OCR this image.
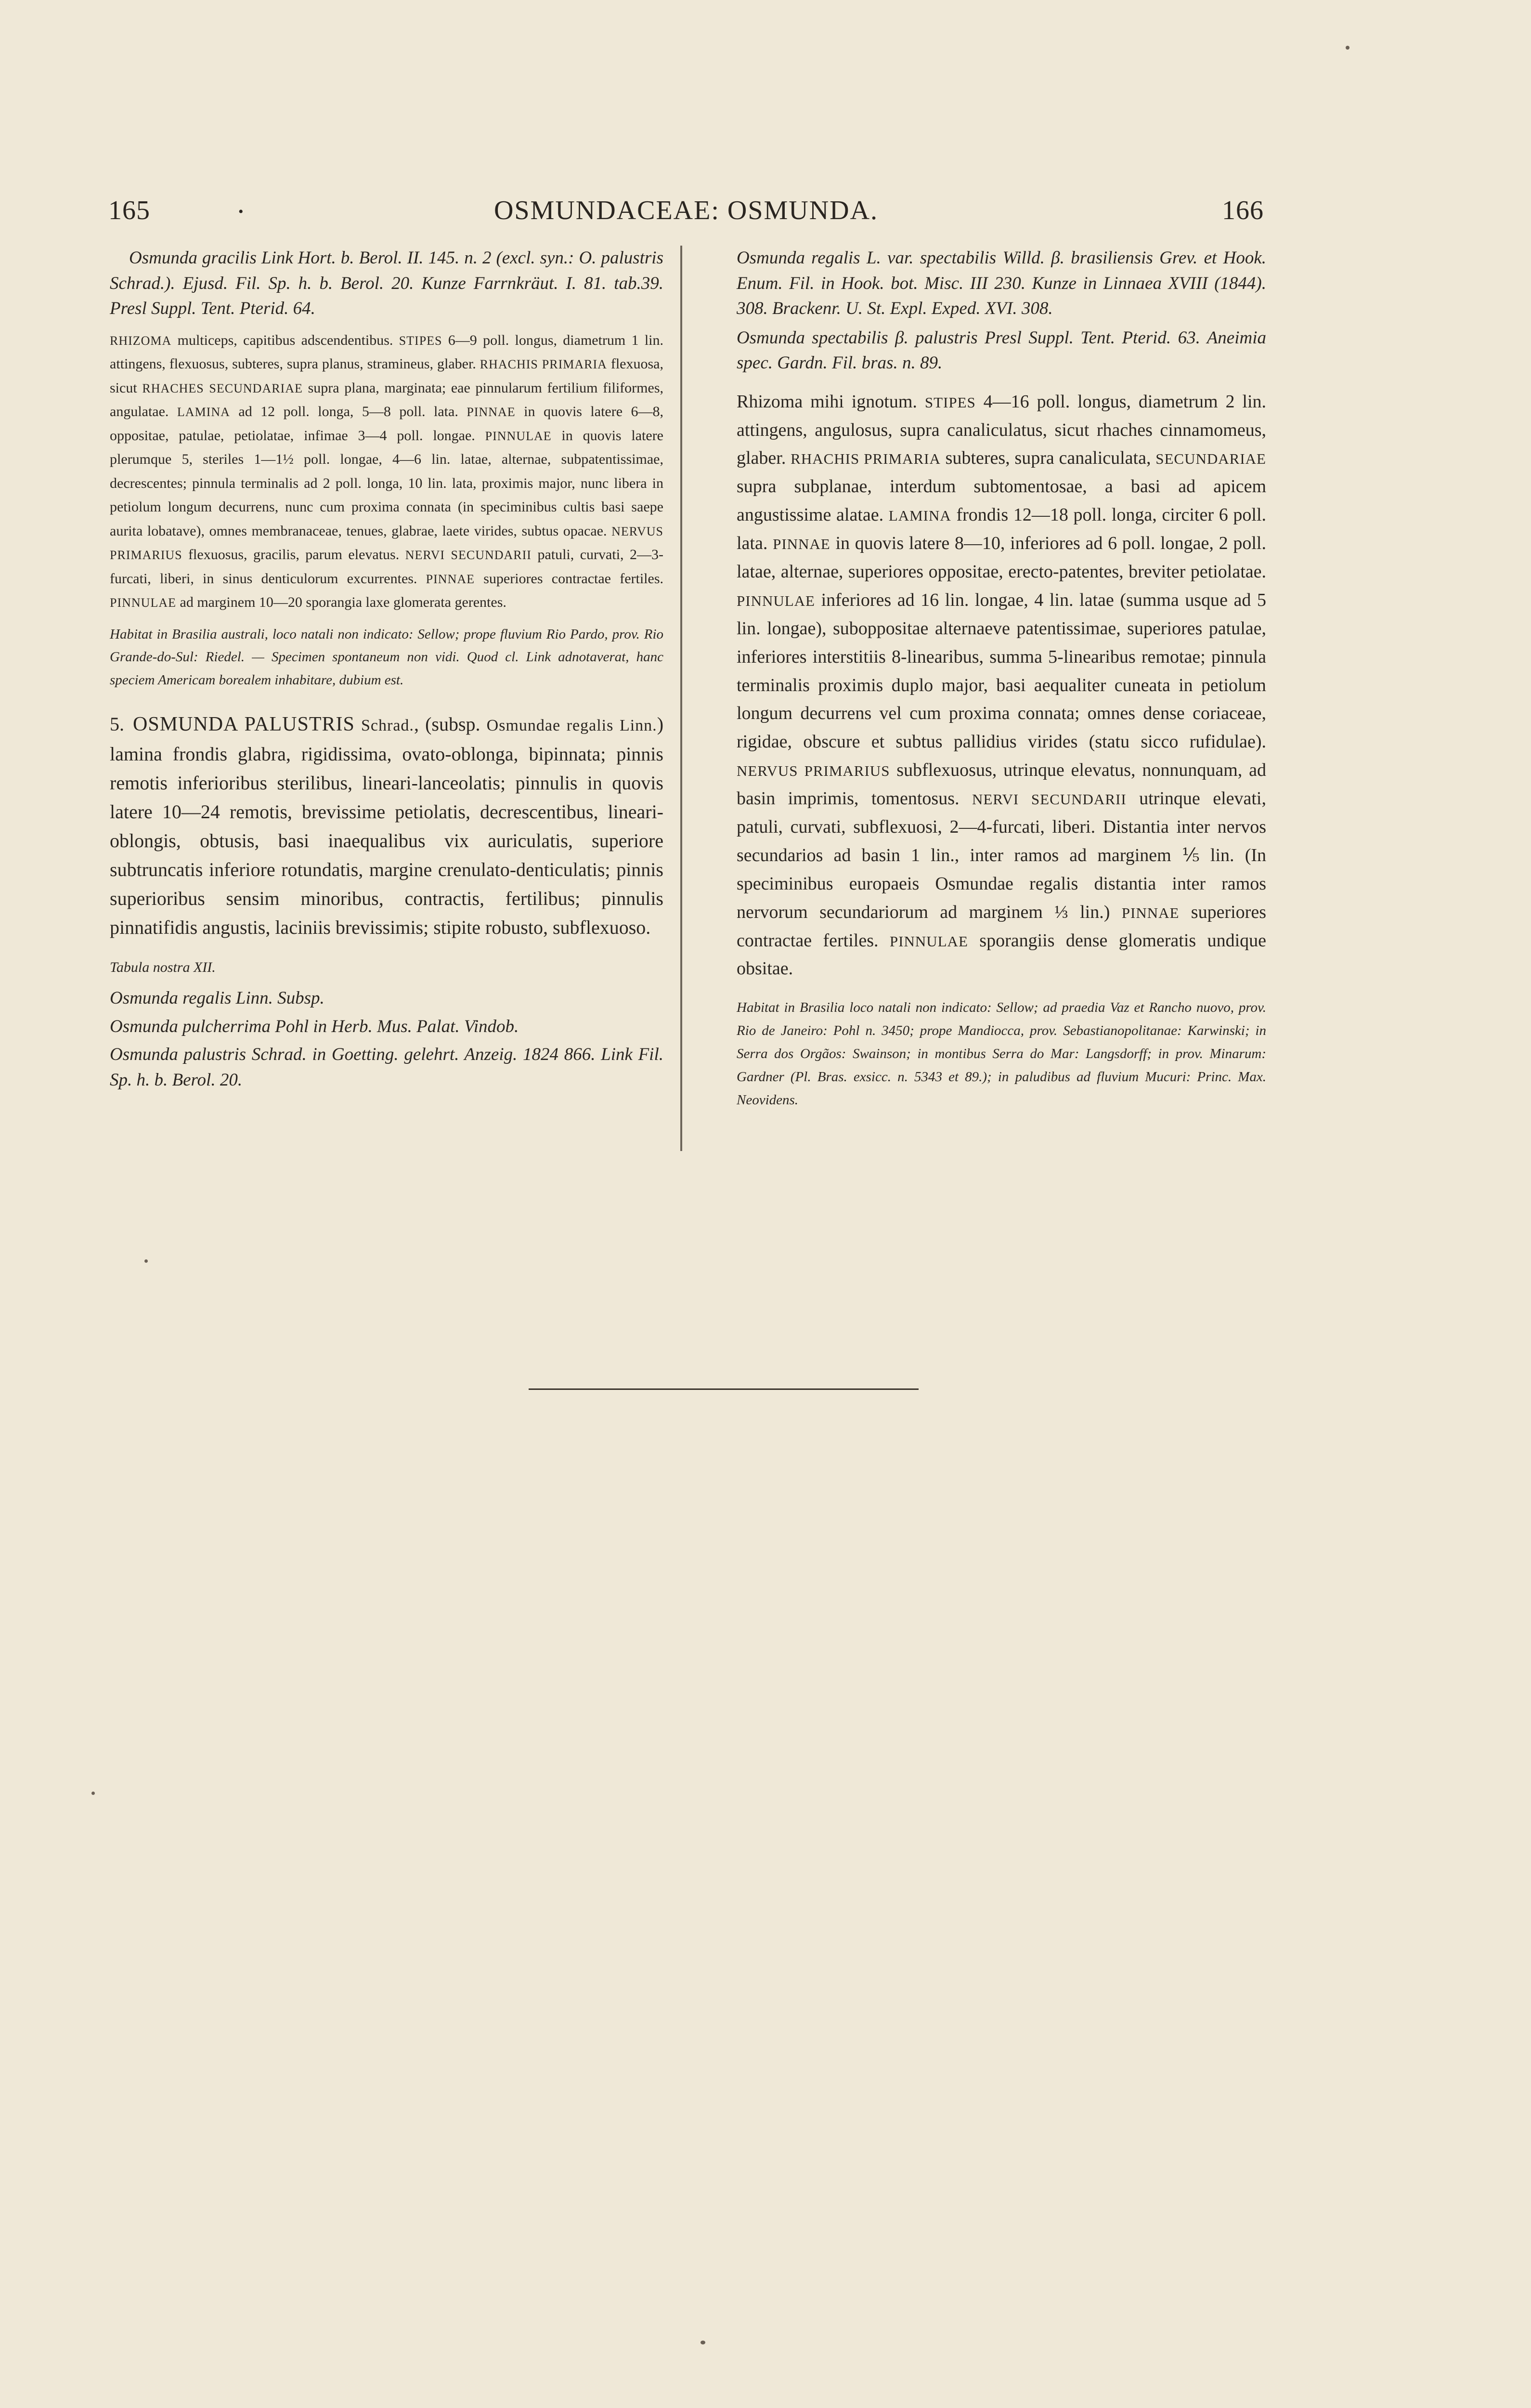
165	•	OSMUNDACEAE: OSMUNDA.	166

Osmunda gracilis Link Hort. b. Berol. II. 145. n. 2 (excl. syn.: O. palustris Schrad.). Ejusd. Fil. Sp. h. b. Berol. 20. Kunze Farrnkräut. I. 81. tab.39. Presl Suppl. Tent. Pterid. 64.

RHIZOMA multiceps, capitibus adscendentibus. STIPES 6—9 poll. longus, diametrum 1 lin. attingens, flexuosus, subteres, supra planus, stramineus, glaber. RHACHIS PRIMARIA flexuosa, sicut RHACHES SECUNDARIAE supra plana, marginata; eae pinnularum fertilium filiformes, angulatae. LAMINA ad 12 poll. longa, 5—8 poll. lata. PINNAE in quovis latere 6—8, oppositae, patulae, petiolatae, infimae 3—4 poll. longae. PINNULAE in quovis latere plerumque 5, steriles 1—1½ poll. longae, 4—6 lin. latae, alternae, subpatentissimae, decrescentes; pinnula terminalis ad 2 poll. longa, 10 lin. lata, proximis major, nunc libera in petiolum longum decurrens, nunc cum proxima connata (in speciminibus cultis basi saepe aurita lobatave), omnes membranaceae, tenues, glabrae, laete virides, subtus opacae. NERVUS PRIMARIUS flexuosus, gracilis, parum elevatus. NERVI SECUNDARII patuli, curvati, 2—3-furcati, liberi, in sinus denticulorum excurrentes. PINNAE superiores contractae fertiles. PINNULAE ad marginem 10—20 sporangia laxe glomerata gerentes.

Habitat in Brasilia australi, loco natali non indicato: Sellow; prope fluvium Rio Pardo, prov. Rio Grande-do-Sul: Riedel. — Specimen spontaneum non vidi. Quod cl. Link adnotaverat, hanc speciem Americam borealem inhabitare, dubium est.

5. OSMUNDA PALUSTRIS Schrad., (subsp. Osmundae regalis Linn.) lamina frondis glabra, rigidissima, ovato-oblonga, bipinnata; pinnis remotis inferioribus sterilibus, lineari-lanceolatis; pinnulis in quovis latere 10—24 remotis, brevissime petiolatis, decrescentibus, lineari-oblongis, obtusis, basi inaequalibus vix auriculatis, superiore subtruncatis inferiore rotundatis, margine crenulato-denticulatis; pinnis superioribus sensim minoribus, contractis, fertilibus; pinnulis pinnatifidis angustis, laciniis brevissimis; stipite robusto, subflexuoso.

Tabula nostra XII.

Osmunda regalis Linn. Subsp.

Osmunda pulcherrima Pohl in Herb. Mus. Palat. Vindob.

Osmunda palustris Schrad. in Goetting. gelehrt. Anzeig. 1824 866. Link Fil. Sp. h. b. Berol. 20.

Osmunda regalis L. var. spectabilis Willd. β. brasiliensis Grev. et Hook. Enum. Fil. in Hook. bot. Misc. III 230. Kunze in Linnaea XVIII (1844). 308. Brackenr. U. St. Expl. Exped. XVI. 308.

Osmunda spectabilis β. palustris Presl Suppl. Tent. Pterid. 63. Aneimia spec. Gardn. Fil. bras. n. 89.

Rhizoma mihi ignotum. STIPES 4—16 poll. longus, diametrum 2 lin. attingens, angulosus, supra canaliculatus, sicut rhaches cinnamomeus, glaber. RHACHIS PRIMARIA subteres, supra canaliculata, SECUNDARIAE supra subplanae, interdum subtomentosae, a basi ad apicem angustissime alatae. LAMINA frondis 12—18 poll. longa, circiter 6 poll. lata. PINNAE in quovis latere 8—10, inferiores ad 6 poll. longae, 2 poll. latae, alternae, superiores oppositae, erecto-patentes, breviter petiolatae. PINNULAE inferiores ad 16 lin. longae, 4 lin. latae (summa usque ad 5 lin. longae), suboppositae alternaeve patentissimae, superiores patulae, inferiores interstitiis 8-linearibus, summa 5-linearibus remotae; pinnula terminalis proximis duplo major, basi aequaliter cuneata in petiolum longum decurrens vel cum proxima connata; omnes dense coriaceae, rigidae, obscure et subtus pallidius virides (statu sicco rufidulae). NERVUS PRIMARIUS subflexuosus, utrinque elevatus, nonnunquam, ad basin imprimis, tomentosus. NERVI SECUNDARII utrinque elevati, patuli, curvati, subflexuosi, 2—4-furcati, liberi. Distantia inter nervos secundarios ad basin 1 lin., inter ramos ad marginem ⅕ lin. (In speciminibus europaeis Osmundae regalis distantia inter ramos nervorum secundariorum ad marginem ⅓ lin.) PINNAE superiores contractae fertiles. PINNULAE sporangiis dense glomeratis undique obsitae.

Habitat in Brasilia loco natali non indicato: Sellow; ad praedia Vaz et Rancho nuovo, prov. Rio de Janeiro: Pohl n. 3450; prope Mandiocca, prov. Sebastianopolitanae: Karwinski; in Serra dos Orgãos: Swainson; in montibus Serra do Mar: Langsdorff; in prov. Minarum: Gardner (Pl. Bras. exsicc. n. 5343 et 89.); in paludibus ad fluvium Mucuri: Princ. Max. Neovidens.
